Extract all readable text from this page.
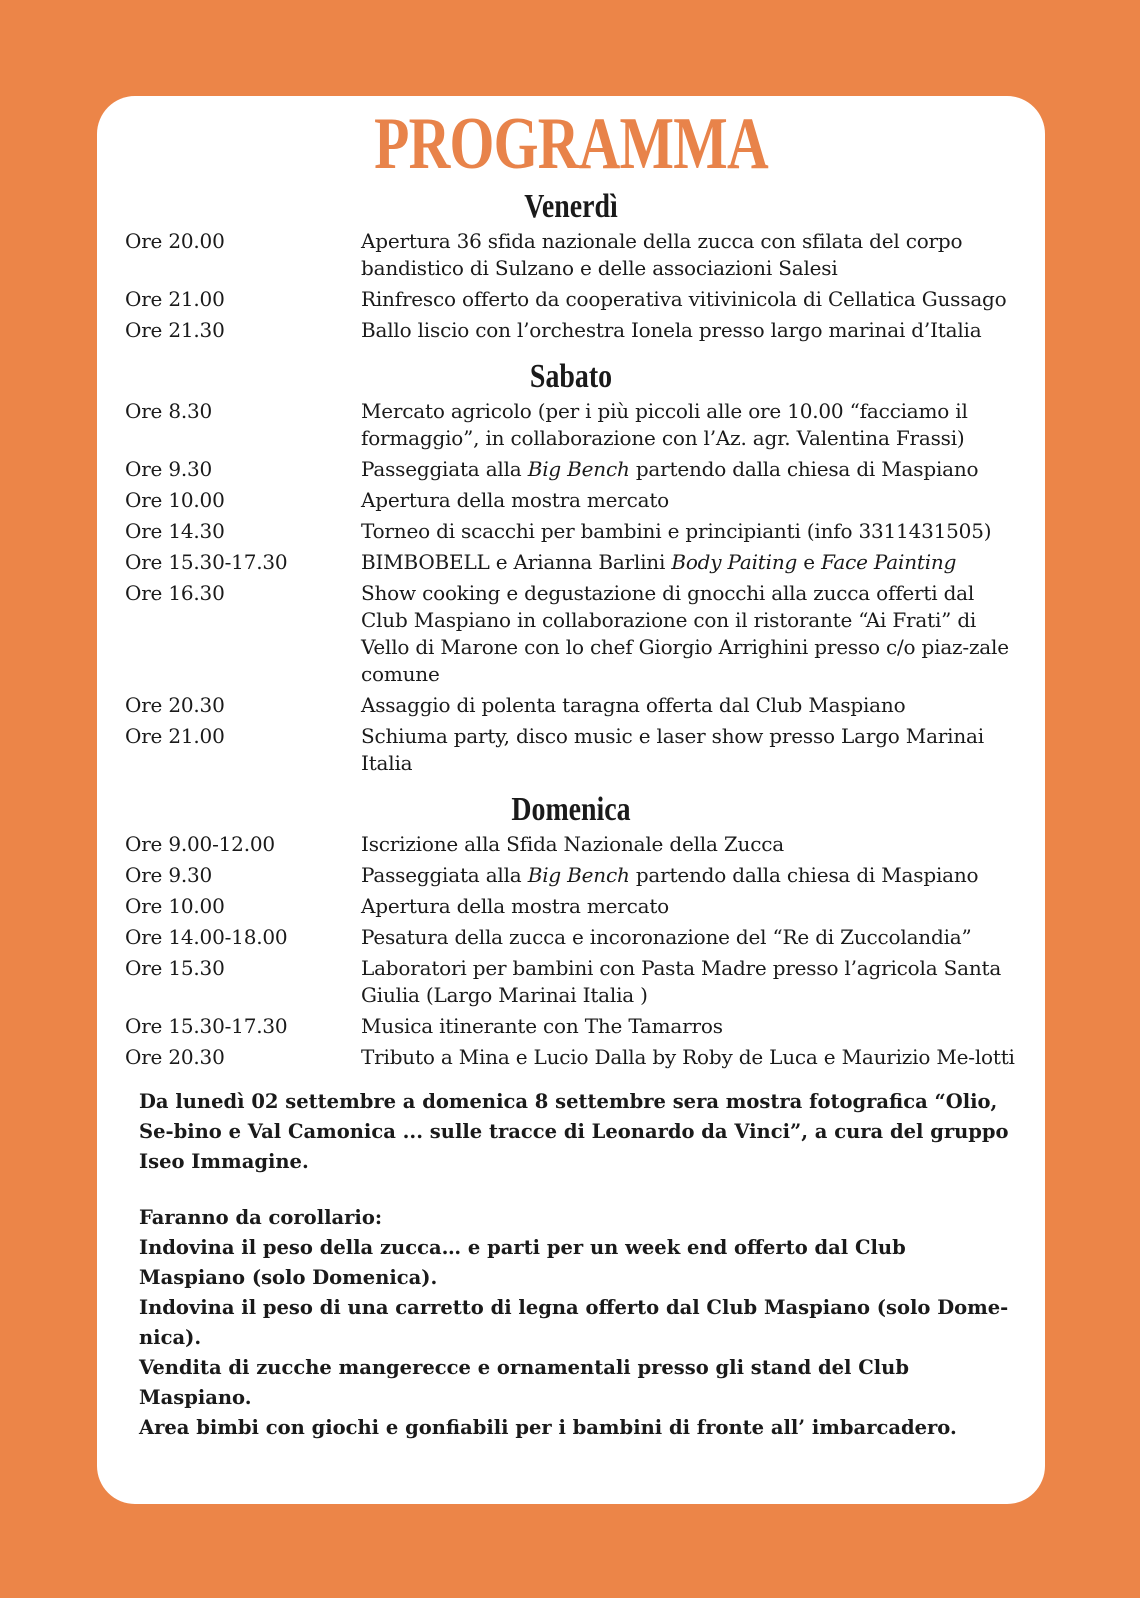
PROGRAMMA
Venerdì
Ore 20.00	Apertura 36 sfida nazionale della zucca con sfilata del corpo bandistico di Sulzano e delle associazioni Salesi
Ore 21.00	Rinfresco offerto da cooperativa vitivinicola di Cellatica Gussago
Ore 21.30	Ballo liscio con l’orchestra Ionela presso largo marinai d’Italia
Sabato
Ore 8.30	Mercato agricolo (per i più piccoli alle ore 10.00 “facciamo il formaggio”, in collaborazione con l’Az. agr. Valentina Frassi)
Ore 9.30	Passeggiata alla Big Bench partendo dalla chiesa di Maspiano
Ore 10.00	Apertura della mostra mercato
Ore 14.30	Torneo di scacchi per bambini e principianti (info 3311431505)
Ore 15.30-17.30	BIMBOBELL e Arianna Barlini Body Paiting e Face Painting
Ore 16.30	Show cooking e degustazione di gnocchi alla zucca offerti dal Club Maspiano in collaborazione con il ristorante “Ai Frati” di Vello di Marone con lo chef Giorgio Arrighini presso c/o piaz-zale comune
Ore 20.30	Assaggio di polenta taragna offerta dal Club Maspiano
Ore 21.00	Schiuma party, disco music e laser show presso Largo Marinai Italia
Domenica
Ore 9.00-12.00	Iscrizione alla Sfida Nazionale della Zucca
Ore 9.30	Passeggiata alla Big Bench partendo dalla chiesa di Maspiano
Ore 10.00	Apertura della mostra mercato
Ore 14.00-18.00	Pesatura della zucca e incoronazione del “Re di Zuccolandia”
Ore 15.30	Laboratori per bambini con Pasta Madre presso l’agricola Santa Giulia (Largo Marinai Italia )
Ore 15.30-17.30	Musica itinerante con The Tamarros
Ore 20.30	Tributo a Mina e Lucio Dalla by Roby de Luca e Maurizio Me-lotti
Da lunedì 02 settembre a domenica 8 settembre sera mostra fotografica “Olio, Se-bino e Val Camonica ... sulle tracce di Leonardo da Vinci”, a cura del gruppo Iseo Immagine.
Faranno da corollario:
Indovina il peso della zucca… e parti per un week end offerto dal Club Maspiano (solo Domenica).
Indovina il peso di una carretto di legna offerto dal Club Maspiano (solo Dome-nica).
Vendita di zucche mangerecce e ornamentali presso gli stand del Club Maspiano.
Area bimbi con giochi e gonfiabili per i bambini di fronte all’ imbarcadero.
